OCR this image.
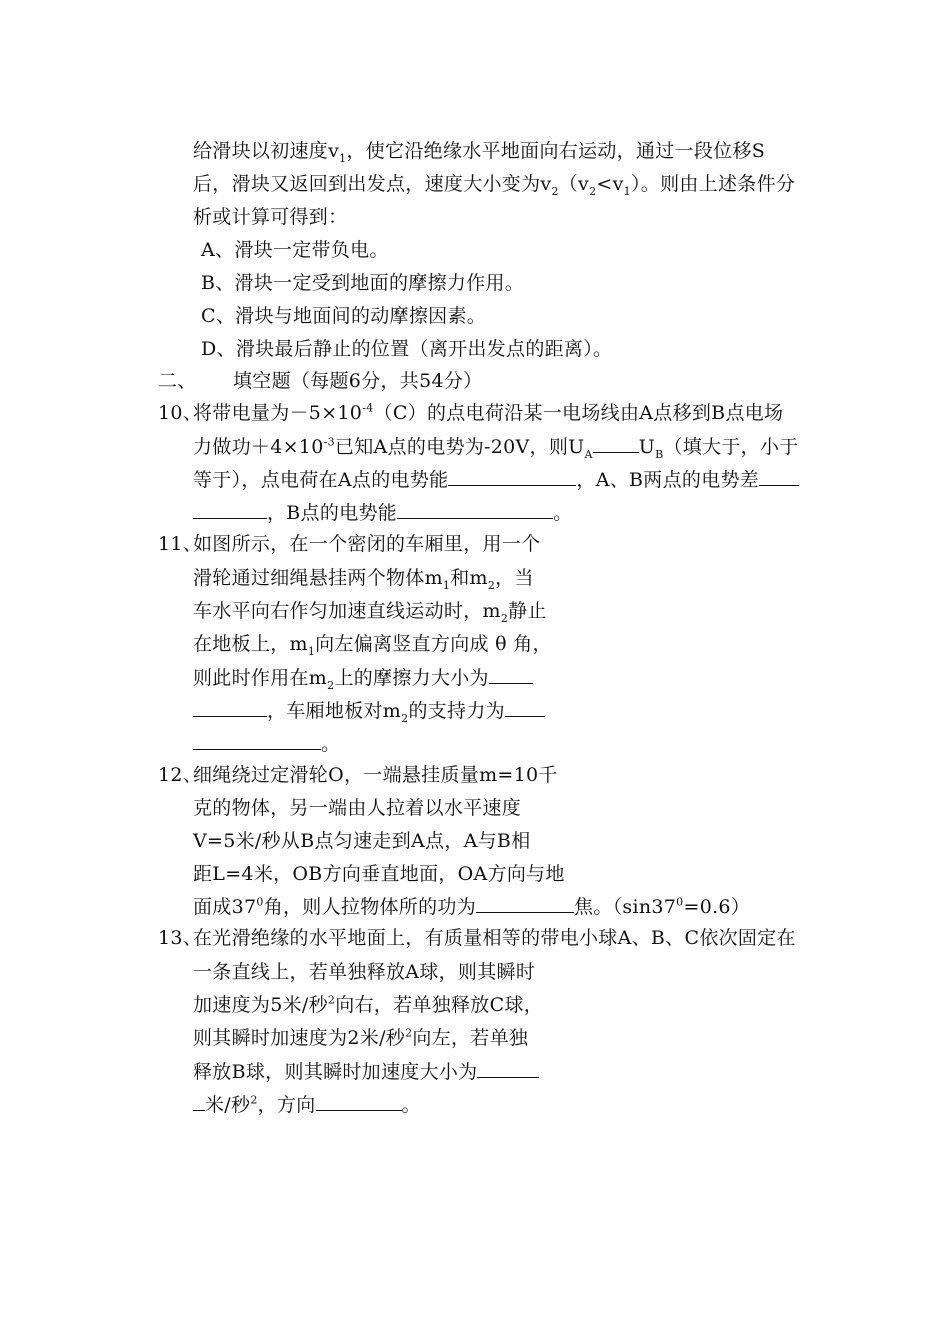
给滑块以初速度$v_1$，使它沿绝缘水平地面向右运动，通过一段位移S
后，滑块又返回到出发点，速度大小变为$v_2(v_2<v_1)$。则由上述条件分
析或计算可得到：
A、滑块一定带负电。
B、滑块一定受到地面的摩擦力作用。
C、滑块与地面间的动摩擦因素。
D、滑块最后静止的位置（离开出发点的距离）。
二、 填空题（每题6分，共54分）
10、
将带电量为$-5\times 10^{-4}(C)$的点电荷沿某一电场线由A点移到B点电场
力做功$+4\times 10^{-3}$已知A点的电势为-20V，则$U_A$ $U_B$（填大于，小于
等于），点电荷在A点的电势能	，A、B两点的电势差
，B点的电势能	。
11、
如图所示，在一个密闭的车厢里，用一个
滑轮通过细绳悬挂两个物体$m_1$和$m_2$，当
车水平向右作匀加速直线运动时，$m_2$静止
在地板上，$m_1$向左偏离竖直方向成 θ 角，
则此时作用在$m_2$上的摩擦力大小为
，车厢地板对$m_2$的支持力为
。
12、
细绳绕过定滑轮O，一端悬挂质量m=10千
克的物体，另一端由人拉着以水平速度
V=5米/秒从B点匀速走到A点，A与B相
距L=4米，OB方向垂直地面，OA方向与地
面成$37^0$角，则人拉物体所的功为	焦。$(\sin 37^0=0.6)$
13、
在光滑绝缘的水平地面上，有质量相等的带电小球A、B、C依次固定在
一条直线上，若单独释放A球，则其瞬时
加速度为5米/秒$^2$向右，若单独释放C球，
则其瞬时加速度为2米/秒$^2$向左，若单独
释放B球，则其瞬时加速度大小为
米/秒$^2$，方向	。
